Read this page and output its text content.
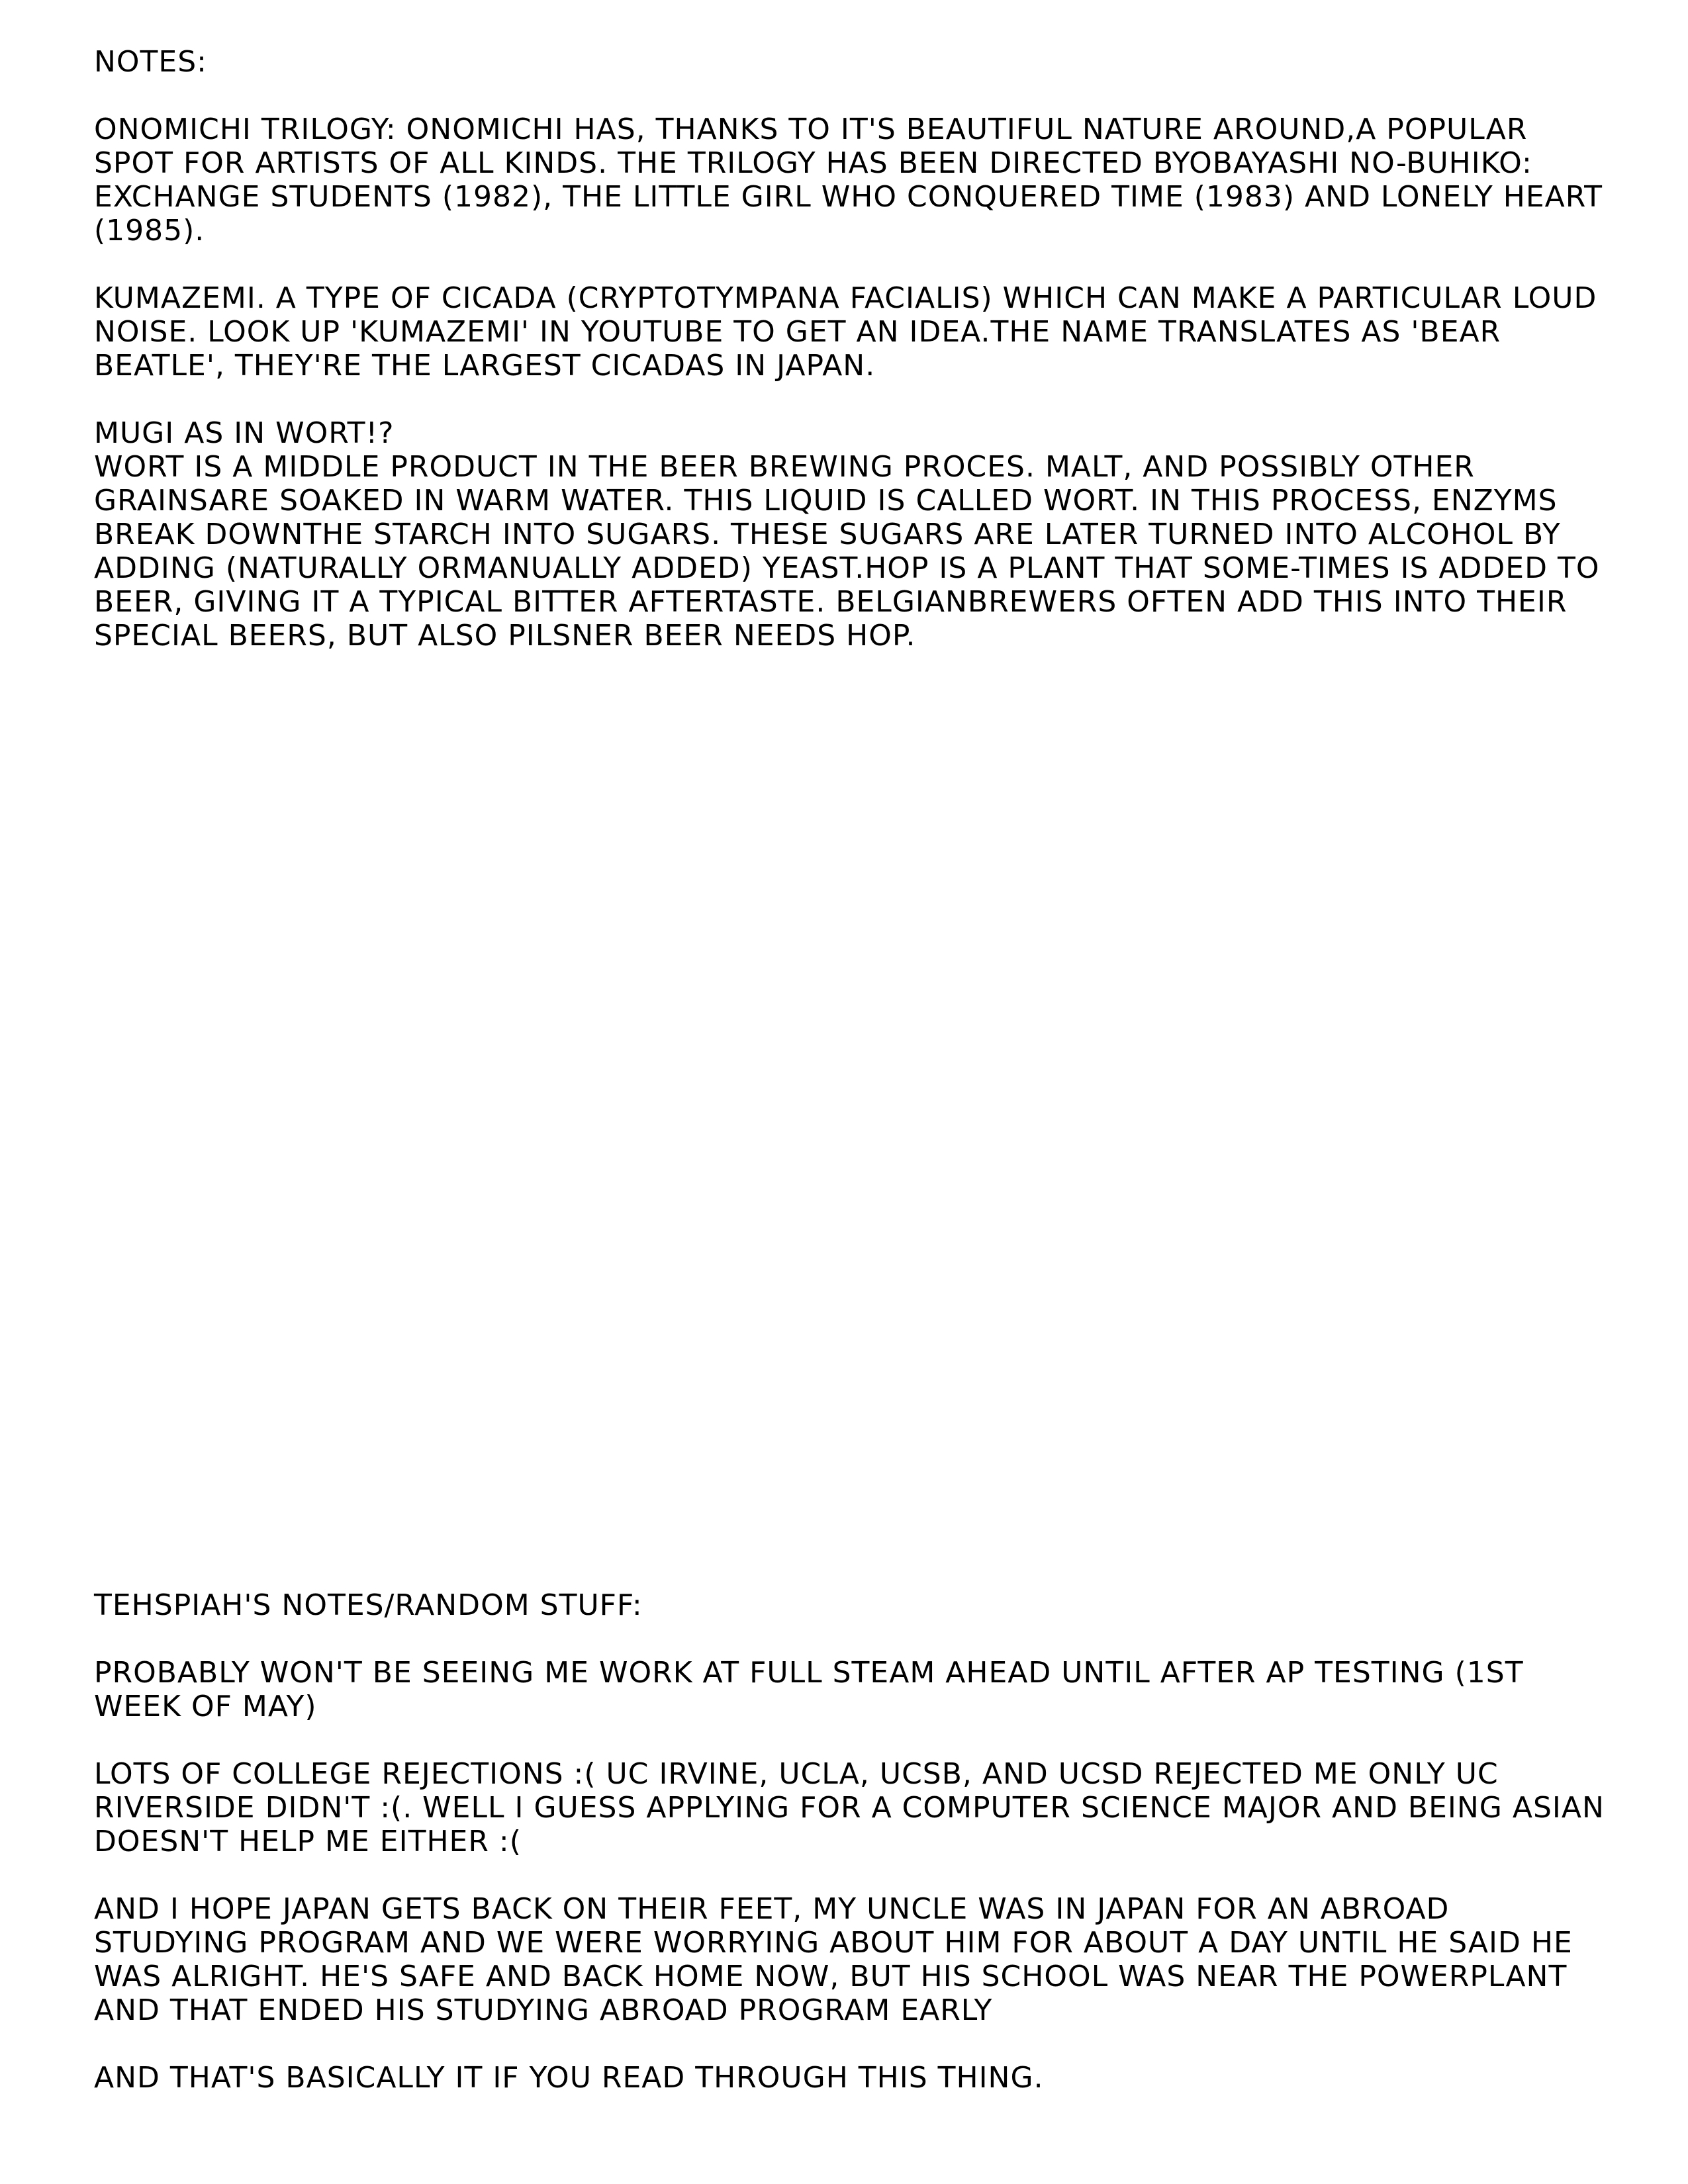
NOTES:
ONOMICHI TRILOGY: ONOMICHI HAS, THANKS TO IT'S BEAUTIFUL NATURE AROUND,A POPULAR SPOT FOR ARTISTS OF ALL KINDS. THE TRILOGY HAS BEEN DIRECTED BYOBAYASHI NO-BUHIKO: EXCHANGE STUDENTS (1982), THE LITTLE GIRL WHO CONQUERED TIME (1983) AND LONELY HEART (1985).
KUMAZEMI. A TYPE OF CICADA (CRYPTOTYMPANA FACIALIS) WHICH CAN MAKE A PARTICULAR LOUD NOISE. LOOK UP 'KUMAZEMI' IN YOUTUBE TO GET AN IDEA.THE NAME TRANSLATES AS 'BEAR BEATLE', THEY'RE THE LARGEST CICADAS IN JAPAN.
MUGI AS IN WORT!?
WORT IS A MIDDLE PRODUCT IN THE BEER BREWING PROCES. MALT, AND POSSIBLY OTHER GRAINSARE SOAKED IN WARM WATER. THIS LIQUID IS CALLED WORT. IN THIS PROCESS, ENZYMS BREAK DOWNTHE STARCH INTO SUGARS. THESE SUGARS ARE LATER TURNED INTO ALCOHOL BY ADDING (NATURALLY ORMANUALLY ADDED) YEAST.HOP IS A PLANT THAT SOME-TIMES IS ADDED TO BEER, GIVING IT A TYPICAL BITTER AFTERTASTE. BELGIANBREWERS OFTEN ADD THIS INTO THEIR SPECIAL BEERS, BUT ALSO PILSNER BEER NEEDS HOP.
TEHSPIAH'S NOTES/RANDOM STUFF:
PROBABLY WON'T BE SEEING ME WORK AT FULL STEAM AHEAD UNTIL AFTER AP TESTING (1ST WEEK OF MAY)
LOTS OF COLLEGE REJECTIONS :( UC IRVINE, UCLA, UCSB, AND UCSD REJECTED ME ONLY UC RIVERSIDE DIDN'T :(. WELL I GUESS APPLYING FOR A COMPUTER SCIENCE MAJOR AND BEING ASIAN DOESN'T HELP ME EITHER :(
AND I HOPE JAPAN GETS BACK ON THEIR FEET, MY UNCLE WAS IN JAPAN FOR AN ABROAD STUDYING PROGRAM AND WE WERE WORRYING ABOUT HIM FOR ABOUT A DAY UNTIL HE SAID HE WAS ALRIGHT. HE'S SAFE AND BACK HOME NOW, BUT HIS SCHOOL WAS NEAR THE POWERPLANT AND THAT ENDED HIS STUDYING ABROAD PROGRAM EARLY
AND THAT'S BASICALLY IT IF YOU READ THROUGH THIS THING.
